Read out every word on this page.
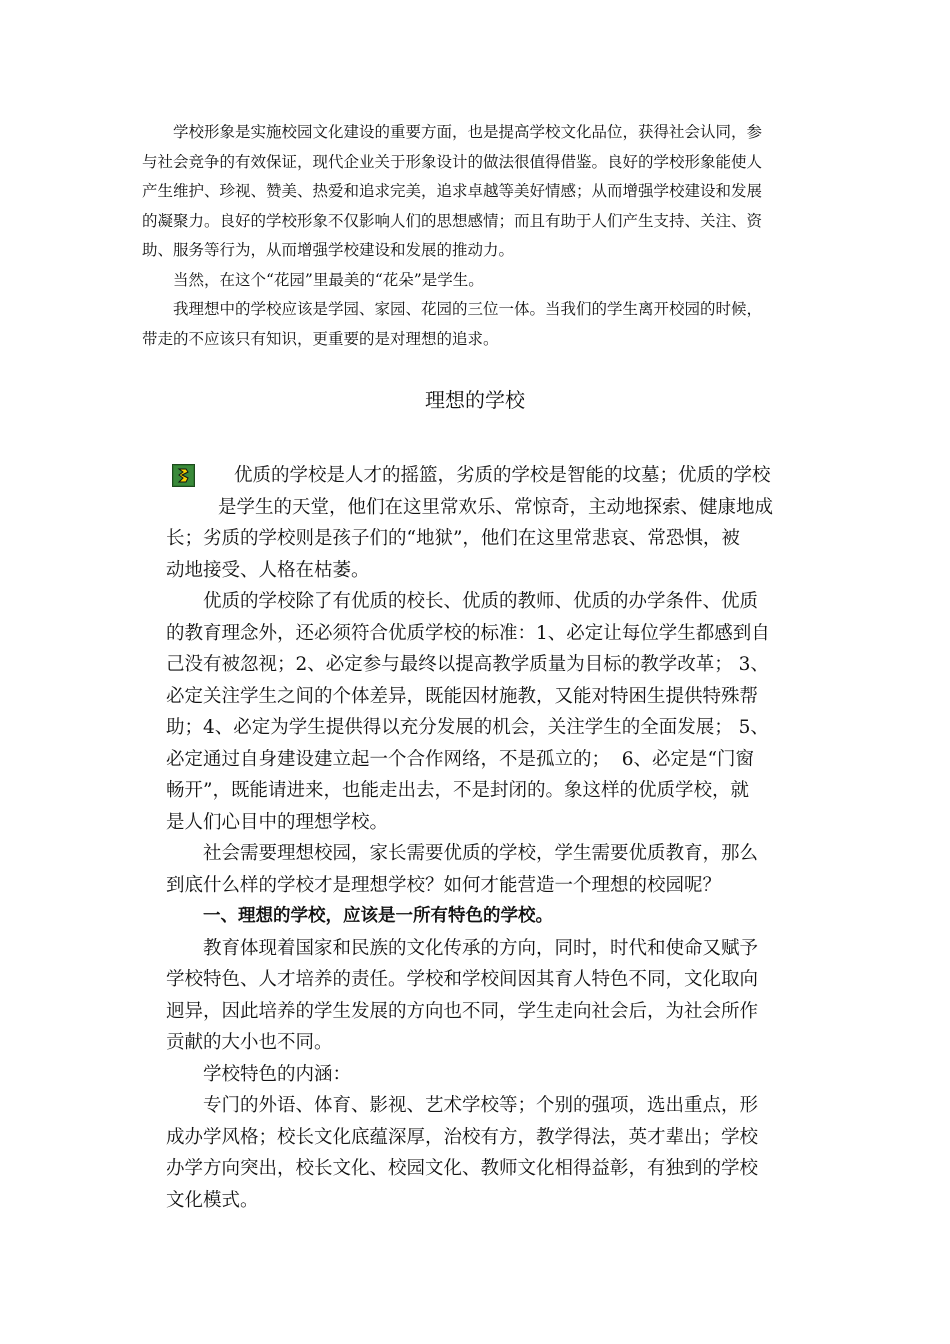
学校形象是实施校园文化建设的重要方面，也是提高学校文化品位，获得社会认同，参
与社会竞争的有效保证，现代企业关于形象设计的做法很值得借鉴。良好的学校形象能使人
产生维护、珍视、赞美、热爱和追求完美，追求卓越等美好情感；从而增强学校建设和发展
的凝聚力。良好的学校形象不仅影响人们的思想感情；而且有助于人们产生支持、关注、资
助、服务等行为，从而增强学校建设和发展的推动力。
当然，在这个“花园”里最美的“花朵”是学生。
我理想中的学校应该是学园、家园、花园的三位一体。当我们的学生离开校园的时候，
带走的不应该只有知识，更重要的是对理想的追求。
理想的学校
优质的学校是人才的摇篮，劣质的学校是智能的坟墓；优质的学校
是学生的天堂，他们在这里常欢乐、常惊奇，主动地探索、健康地成
长；劣质的学校则是孩子们的“地狱”，他们在这里常悲哀、常恐惧，被
动地接受、人格在枯萎。
优质的学校除了有优质的校长、优质的教师、优质的办学条件、优质
的教育理念外，还必须符合优质学校的标准：1、必定让每位学生都感到自
己没有被忽视；2、必定参与最终以提高教学质量为目标的教学改革； 3、
必定关注学生之间的个体差异，既能因材施教，又能对特困生提供特殊帮
助；4、必定为学生提供得以充分发展的机会，关注学生的全面发展； 5、
必定通过自身建设建立起一个合作网络，不是孤立的；  6、必定是“门窗
畅开”，既能请进来，也能走出去，不是封闭的。象这样的优质学校，就
是人们心目中的理想学校。
社会需要理想校园，家长需要优质的学校，学生需要优质教育，那么
到底什么样的学校才是理想学校？如何才能营造一个理想的校园呢？
一、理想的学校，应该是一所有特色的学校。
教育体现着国家和民族的文化传承的方向，同时，时代和使命又赋予
学校特色、人才培养的责任。学校和学校间因其育人特色不同，文化取向
迥异，因此培养的学生发展的方向也不同，学生走向社会后，为社会所作
贡献的大小也不同。
学校特色的内涵：
专门的外语、体育、影视、艺术学校等；个别的强项，选出重点，形
成办学风格；校长文化底蕴深厚，治校有方，教学得法，英才辈出；学校
办学方向突出，校长文化、校园文化、教师文化相得益彰，有独到的学校
文化模式。
